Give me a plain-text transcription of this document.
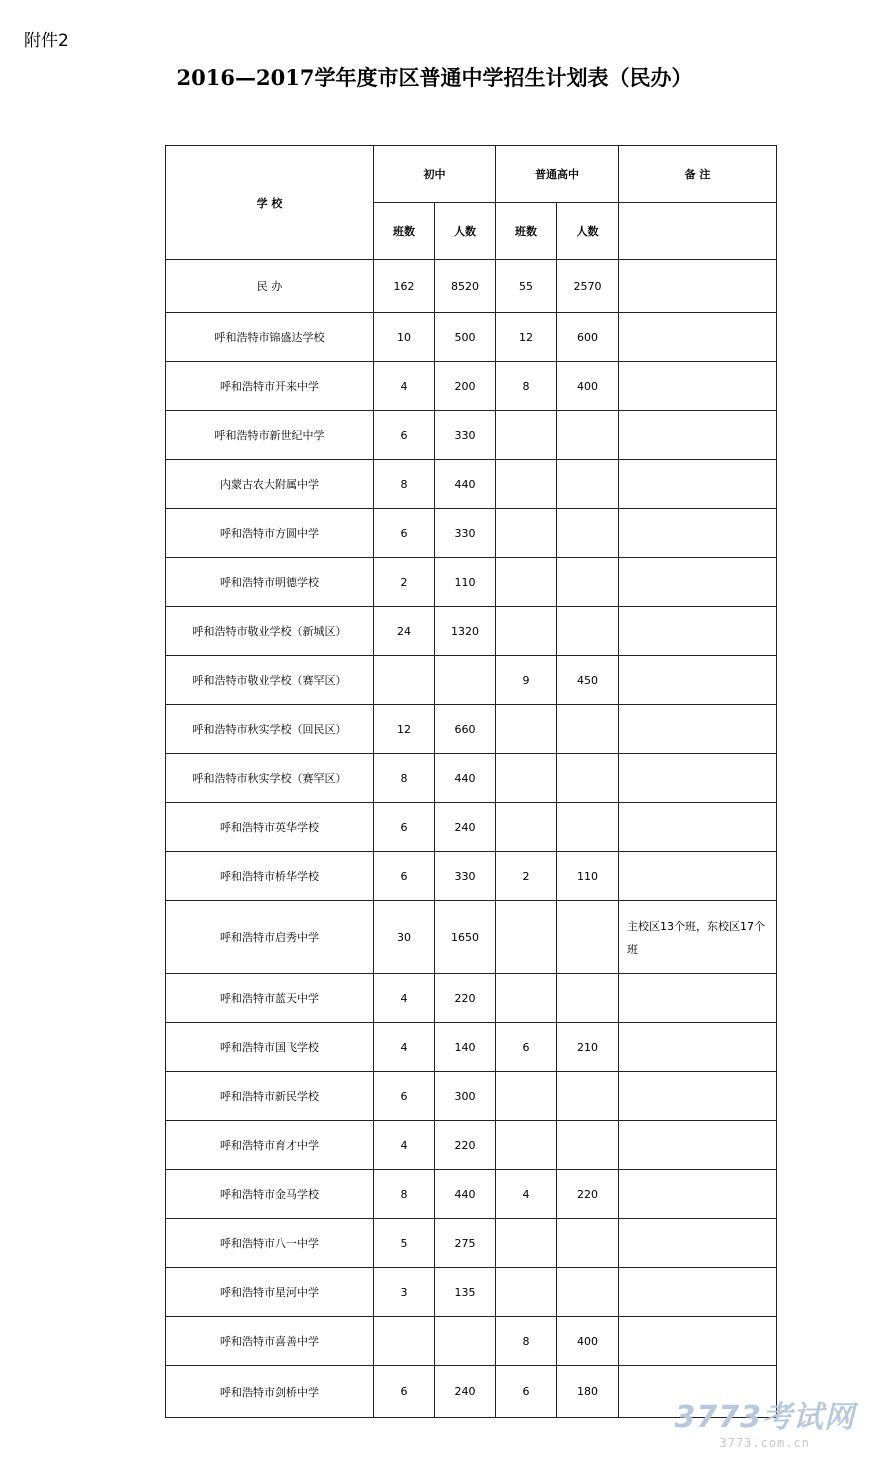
附件2
2016—2017学年度市区普通中学招生计划表（民办）
学 校	初中		普通高中		备 注
	班数	人数	班数	人数	
民 办	162	8520	55	2570	
呼和浩特市锦盛达学校	10	500	12	600	
呼和浩特市开来中学	4	200	8	400	
呼和浩特市新世纪中学	6	330			
内蒙古农大附属中学	8	440			
呼和浩特市方圆中学	6	330			
呼和浩特市明德学校	2	110			
呼和浩特市敬业学校（新城区）	24	1320			
呼和浩特市敬业学校（赛罕区）			9	450	
呼和浩特市秋实学校（回民区）	12	660			
呼和浩特市秋实学校（赛罕区）	8	440			
呼和浩特市英华学校	6	240			
呼和浩特市桥华学校	6	330	2	110	
呼和浩特市启秀中学	30	1650			主校区13个班，东校区17个班
呼和浩特市蓝天中学	4	220			
呼和浩特市国飞学校	4	140	6	210	
呼和浩特市新民学校	6	300			
呼和浩特市育才中学	4	220			
呼和浩特市金马学校	8	440	4	220	
呼和浩特市八一中学	5	275			
呼和浩特市星河中学	3	135			
呼和浩特市喜善中学			8	400	
呼和浩特市剑桥中学	6	240	6	180	
3773考试网
3773.com.cn
